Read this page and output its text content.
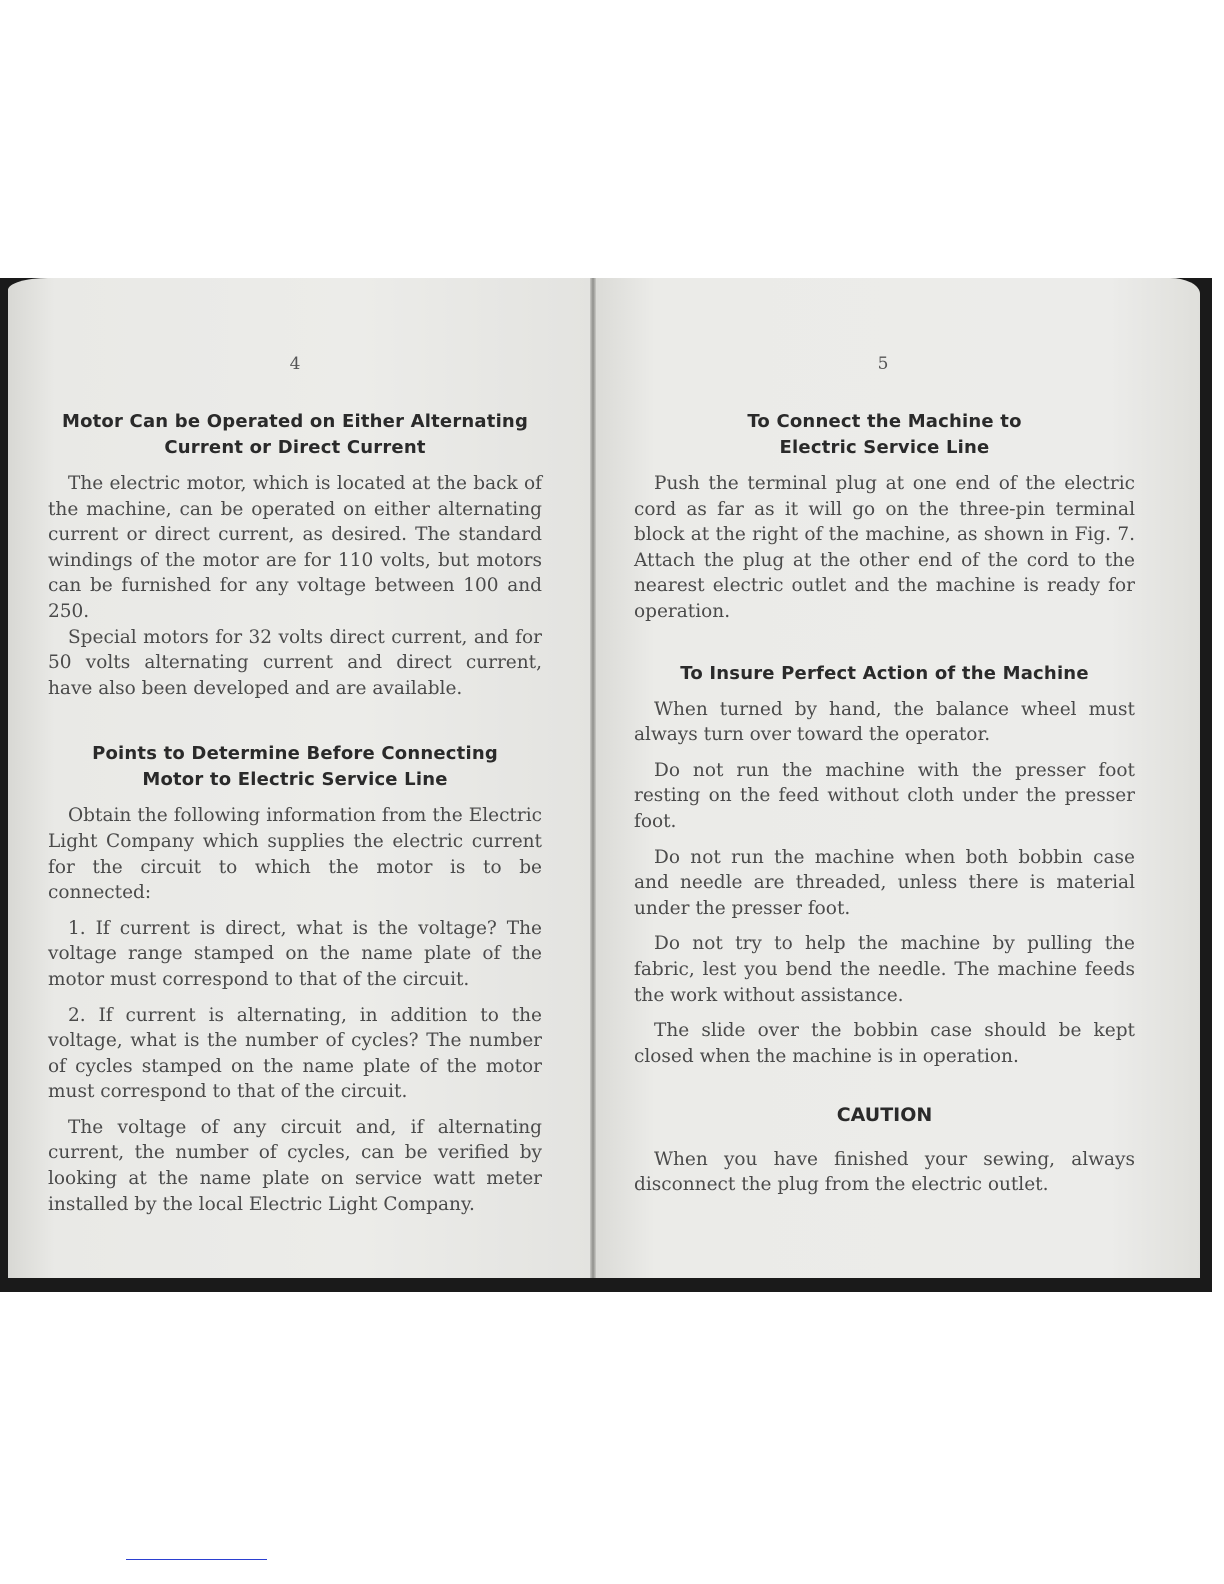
4
Motor Can be Operated on Either Alternating
Current or Direct Current

The electric motor, which is located at the back of the machine, can be operated on either alternating current or direct current, as desired. The standard windings of the motor are for 110 volts, but motors can be furnished for any voltage between 100 and 250.

Special motors for 32 volts direct current, and for 50 volts alternating current and direct current, have also been developed and are available.

Points to Determine Before Connecting
Motor to Electric Service Line

Obtain the following information from the Electric Light Company which supplies the electric current for the circuit to which the motor is to be connected:

1. If current is direct, what is the voltage? The voltage range stamped on the name plate of the motor must correspond to that of the circuit.

2. If current is alternating, in addition to the voltage, what is the number of cycles? The number of cycles stamped on the name plate of the motor must correspond to that of the circuit.

The voltage of any circuit and, if alternating current, the number of cycles, can be verified by looking at the name plate on service watt meter installed by the local Electric Light Company.

5
To Connect the Machine to
Electric Service Line

Push the terminal plug at one end of the electric cord as far as it will go on the three-pin terminal block at the right of the machine, as shown in Fig. 7. Attach the plug at the other end of the cord to the nearest electric outlet and the machine is ready for operation.

To Insure Perfect Action of the Machine

When turned by hand, the balance wheel must always turn over toward the operator.

Do not run the machine with the presser foot resting on the feed without cloth under the presser foot.

Do not run the machine when both bobbin case and needle are threaded, unless there is material under the presser foot.

Do not try to help the machine by pulling the fabric, lest you bend the needle. The machine feeds the work without assistance.

The slide over the bobbin case should be kept closed when the machine is in operation.

CAUTION

When you have finished your sewing, always disconnect the plug from the electric outlet.
